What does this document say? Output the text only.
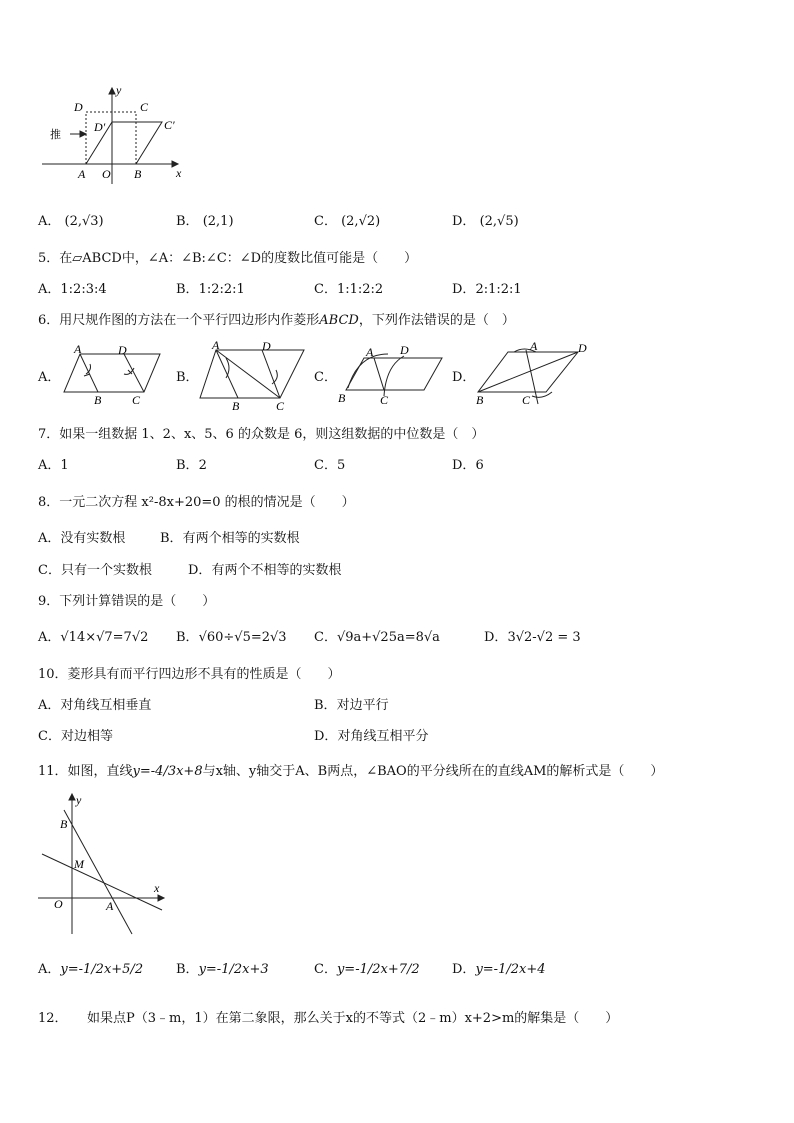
y
x
D	C
D′	C′
推
A O B
A． (2,√3)	B． (2,1)	C． (2,√2)	D． (2,√5)
5．在▱ABCD中，∠A：∠B:∠C：∠D的度数比值可能是（　　）
A．1:2:3:4	B．1:2:2:1	C．1:1:2:2	D．2:1:2:1
6．用尺规作图的方法在一个平行四边形内作菱形ABCD，下列作法错误的是（　）
A．
A	D
B	C
B．
A	D
B	C
C．
A D
B	C
D．
A	D
B	C
7．如果一组数据 1、2、x、5、6 的众数是 6，则这组数据的中位数是（　）
A．1	B．2	C．5	D．6
8．一元二次方程 x²-8x+20=0 的根的情况是（　　）
A．没有实数根	B．有两个相等的实数根
C．只有一个实数根	D．有两个不相等的实数根
9．下列计算错误的是（　　）
A．√14×√7=7√2 B．√60÷√5=2√3 C．√9a+√25a=8√a	D．3√2-√2 = 3
10．菱形具有而平行四边形不具有的性质是（　　）
A．对角线互相垂直	B．对边平行
C．对边相等	D．对角线互相平分
11．如图，直线y=-4/3x+8与x轴、y轴交于A、B两点，∠BAO的平分线所在的直线AM的解析式是（　　）
y
x
B
M
O	A
A．y=-1/2x+5/2	B．y=-1/2x+3	C．y=-1/2x+7/2 D．y=-1/2x+4
12．　　如果点P（3﹣m，1）在第二象限，那么关于x的不等式（2﹣m）x+2>m的解集是（　　）
